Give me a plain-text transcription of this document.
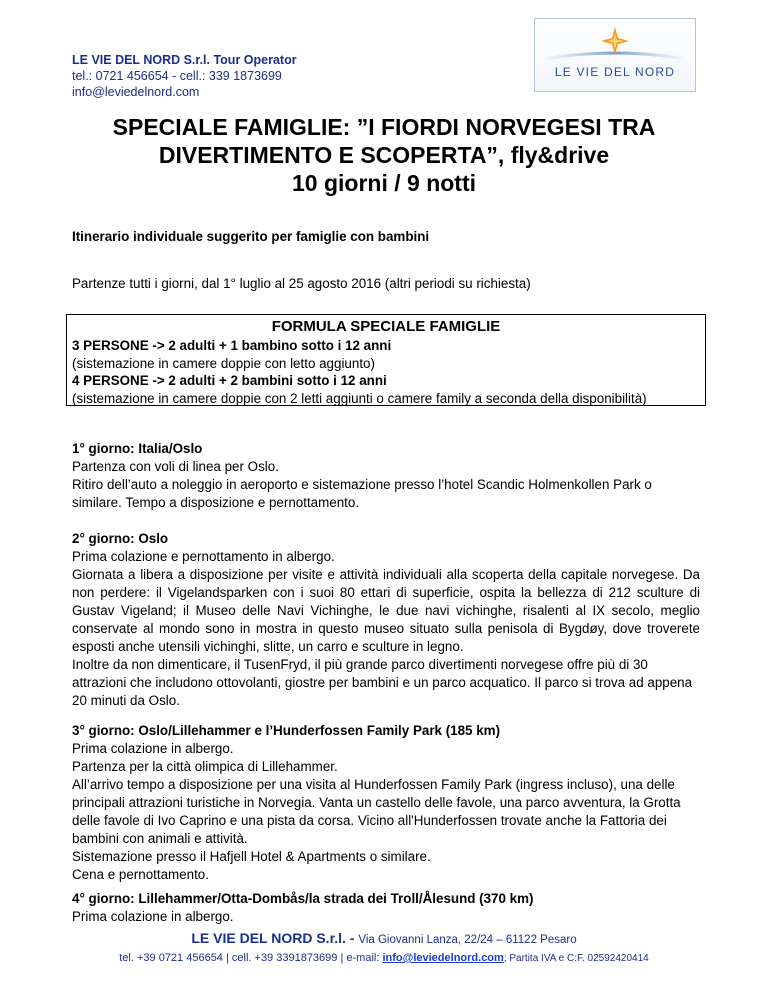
LE VIE DEL NORD S.r.l. Tour Operator
tel.: 0721 456654 - cell.: 339 1873699
info@leviedelnord.com
LE VIE DEL NORD
SPECIALE FAMIGLIE: ”I FIORDI NORVEGESI TRA
DIVERTIMENTO E SCOPERTA”, fly&drive
10 giorni / 9 notti
Itinerario individuale suggerito per famiglie con bambini
Partenze tutti i giorni, dal 1° luglio al 25 agosto 2016 (altri periodi su richiesta)
FORMULA SPECIALE FAMIGLIE
3 PERSONE -> 2 adulti + 1 bambino sotto i 12 anni
(sistemazione in camere doppie con letto aggiunto)
4 PERSONE -> 2 adulti + 2 bambini sotto i 12 anni
(sistemazione in camere doppie con 2 letti aggiunti o camere family a seconda della disponibilità)
1° giorno: Italia/Oslo
Partenza con voli di linea per Oslo.
Ritiro dell’auto a noleggio in aeroporto e sistemazione presso l’hotel Scandic Holmenkollen Park o similare. Tempo a disposizione e pernottamento.
2° giorno: Oslo
Prima colazione e pernottamento in albergo.
Giornata a libera a disposizione per visite e attività individuali alla scoperta della capitale norvegese. Da non perdere: il Vigelandsparken con i suoi 80 ettari di superficie, ospita la bellezza di 212 sculture di Gustav Vigeland; il Museo delle Navi Vichinghe, le due navi vichinghe, risalenti al IX secolo, meglio conservate al mondo sono in mostra in questo museo situato sulla penisola di Bygdøy, dove troverete esposti anche utensili vichinghi, slitte, un carro e sculture in legno.
Inoltre da non dimenticare, il TusenFryd, il più grande parco divertimenti norvegese offre più di 30 attrazioni che includono ottovolanti, giostre per bambini e un parco acquatico. Il parco si trova ad appena 20 minuti da Oslo.
3° giorno: Oslo/Lillehammer e l’Hunderfossen Family Park (185 km)
Prima colazione in albergo.
Partenza per la città olimpica di Lillehammer.
All’arrivo tempo a disposizione per una visita al Hunderfossen Family Park (ingress incluso), una delle principali attrazioni turistiche in Norvegia. Vanta un castello delle favole, una parco avventura, la Grotta delle favole di Ivo Caprino e una pista da corsa. Vicino all'Hunderfossen trovate anche la Fattoria dei bambini con animali e attività.
Sistemazione presso il Hafjell Hotel & Apartments o similare.
Cena e pernottamento.
4° giorno: Lillehammer/Otta-Dombås/la strada dei Troll/Ålesund (370 km)
Prima colazione in albergo.
LE VIE DEL NORD S.r.l. - Via Giovanni Lanza, 22/24 – 61122 Pesaro
tel. +39 0721 456654 | cell. +39 3391873699 | e-mail: info@leviedelnord.com; Partita IVA e C:F. 02592420414
